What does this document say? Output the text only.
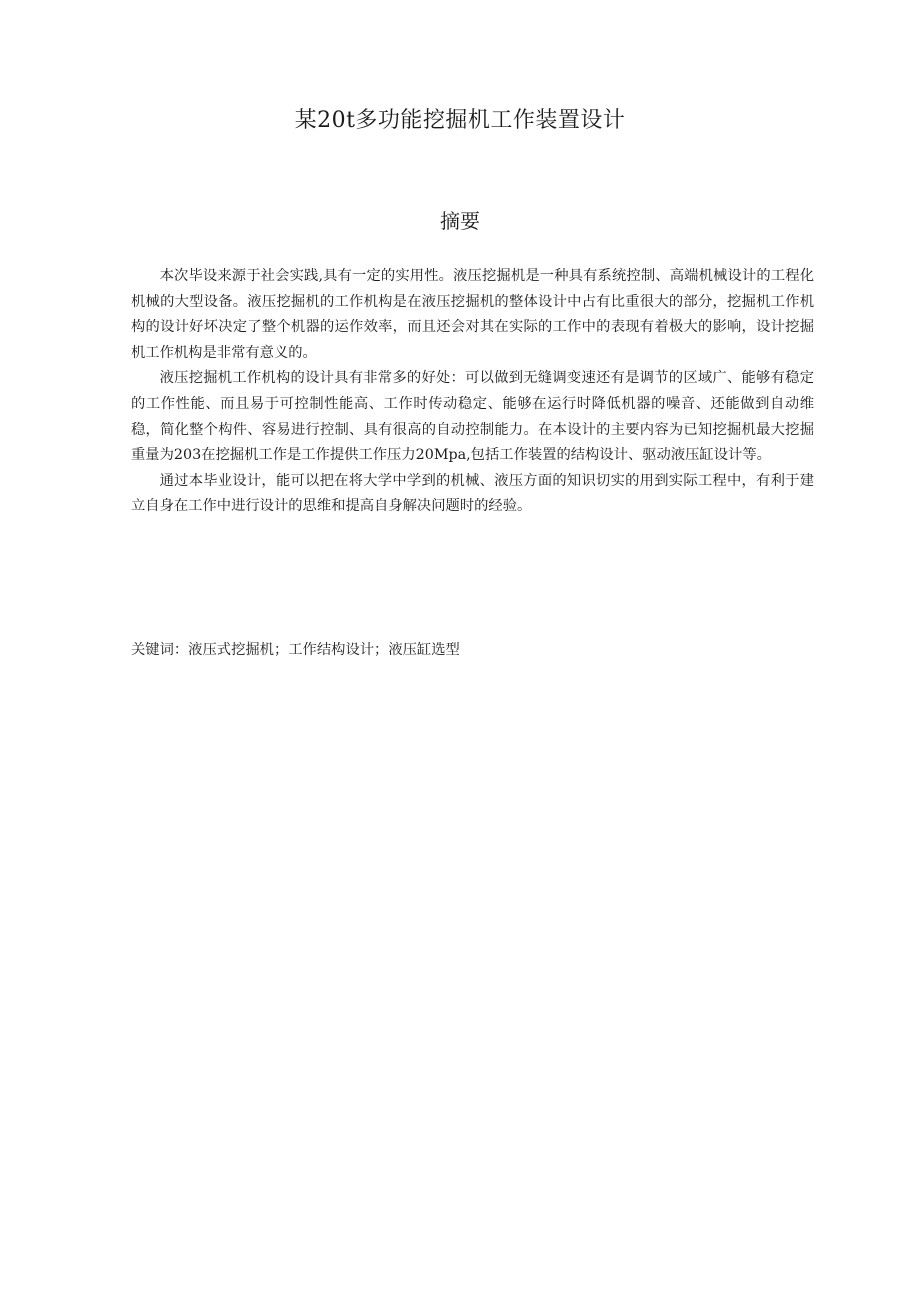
某20t多功能挖掘机工作装置设计
摘要

本次毕设来源于社会实践,具有一定的实用性。液压挖掘机是一种具有系统控制、高端机械设计的工程化机械的大型设备。液压挖掘机的工作机构是在液压挖掘机的整体设计中占有比重很大的部分，挖掘机工作机构的设计好坏决定了整个机器的运作效率，而且还会对其在实际的工作中的表现有着极大的影响，设计挖掘机工作机构是非常有意义的。

液压挖掘机工作机构的设计具有非常多的好处：可以做到无缝调变速还有是调节的区域广、能够有稳定的工作性能、而且易于可控制性能高、工作时传动稳定、能够在运行时降低机器的噪音、还能做到自动维稳，简化整个构件、容易进行控制、具有很高的自动控制能力。在本设计的主要内容为已知挖掘机最大挖掘重量为203在挖掘机工作是工作提供工作压力20Mpa,包括工作装置的结构设计、驱动液压缸设计等。

通过本毕业设计，能可以把在将大学中学到的机械、液压方面的知识切实的用到实际工程中，有利于建立自身在工作中进行设计的思维和提高自身解决问题时的经验。

关键词：液压式挖掘机；工作结构设计；液压缸选型
